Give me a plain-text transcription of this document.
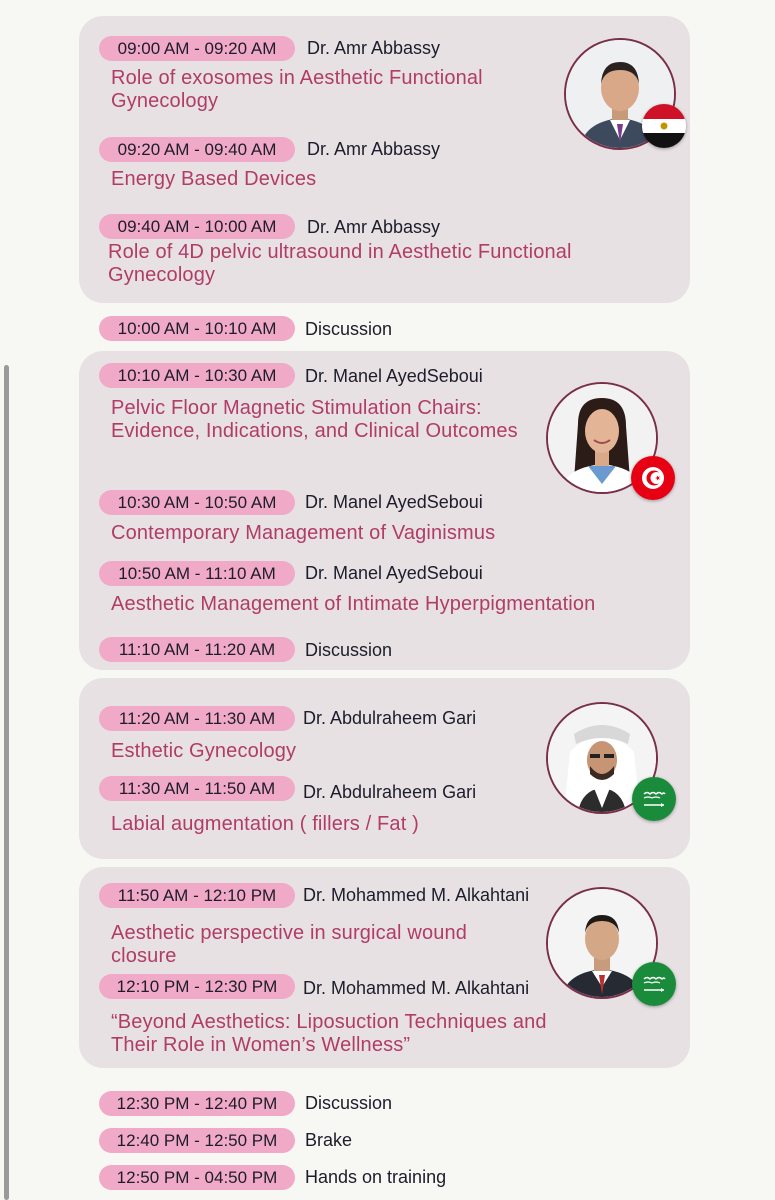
09:00 AM - 09:20 AM	Dr. Amr Abbassy
Role of exosomes in Aesthetic Functional Gynecology
09:20 AM - 09:40 AM	Dr. Amr Abbassy
Energy Based Devices
09:40 AM - 10:00 AM	Dr. Amr Abbassy
Role of 4D pelvic ultrasound in Aesthetic Functional Gynecology
10:00 AM - 10:10 AM	Discussion
10:10 AM - 10:30 AM	Dr. Manel AyedSeboui
Pelvic Floor Magnetic Stimulation Chairs: Evidence, Indications, and Clinical Outcomes
10:30 AM - 10:50 AM	Dr. Manel AyedSeboui
Contemporary Management of Vaginismus
10:50 AM - 11:10 AM	Dr. Manel AyedSeboui
Aesthetic Management of Intimate Hyperpigmentation
11:10 AM - 11:20 AM	Discussion
11:20 AM - 11:30 AM	Dr. Abdulraheem Gari
Esthetic Gynecology
11:30 AM - 11:50 AM	Dr. Abdulraheem Gari
Labial augmentation ( fillers / Fat )
11:50 AM - 12:10 PM	Dr. Mohammed M. Alkahtani
Aesthetic perspective in surgical wound closure
12:10 PM - 12:30 PM	Dr. Mohammed M. Alkahtani
“Beyond Aesthetics: Liposuction Techniques and Their Role in Women’s Wellness”
12:30 PM - 12:40 PM	Discussion
12:40 PM - 12:50 PM	Brake
12:50 PM - 04:50 PM	Hands on training
